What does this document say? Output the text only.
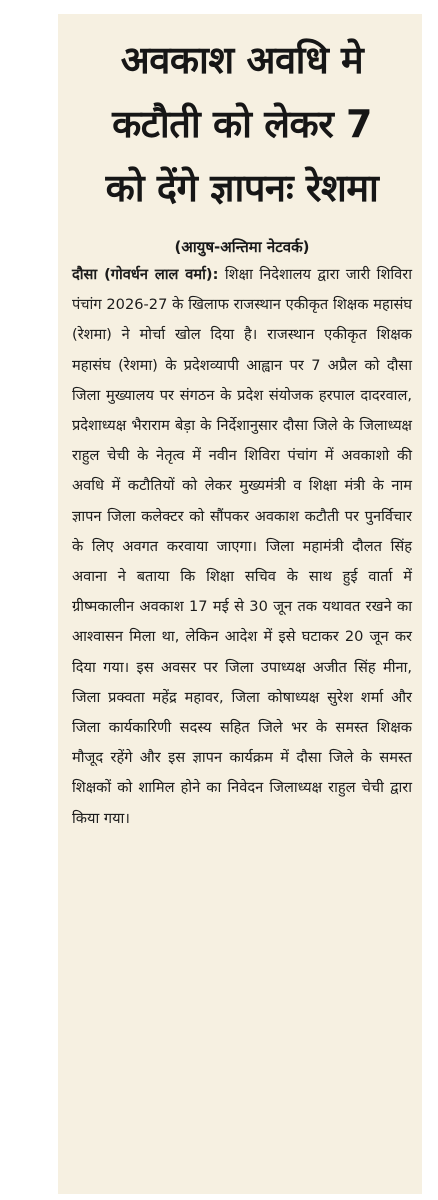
अवकाश अवधि मे
कटौती को लेकर 7
को देंगे ज्ञापनः रेशमा

(आयुष-अन्तिमा नेटवर्क)

दौसा (गोवर्धन लाल वर्मा): शिक्षा निदेशालय द्वारा जारी शिविरा पंचांग 2026-27 के खिलाफ राजस्थान एकीकृत शिक्षक महासंघ (रेशमा) ने मोर्चा खोल दिया है। राजस्थान एकीकृत शिक्षक महासंघ (रेशमा) के प्रदेशव्यापी आह्वान पर 7 अप्रैल को दौसा जिला मुख्यालय पर संगठन के प्रदेश संयोजक हरपाल दादरवाल, प्रदेशाध्यक्ष भैराराम बेड़ा के निर्देशानुसार दौसा जिले के जिलाध्यक्ष राहुल चेची के नेतृत्व में नवीन शिविरा पंचांग में अवकाशो की अवधि में कटौतियों को लेकर मुख्यमंत्री व शिक्षा मंत्री के नाम ज्ञापन जिला कलेक्टर को सौंपकर अवकाश कटौती पर पुनर्विचार के लिए अवगत करवाया जाएगा। जिला महामंत्री दौलत सिंह अवाना ने बताया कि शिक्षा सचिव के साथ हुई वार्ता में ग्रीष्मकालीन अवकाश 17 मई से 30 जून तक यथावत रखने का आश्वासन मिला था, लेकिन आदेश में इसे घटाकर 20 जून कर दिया गया। इस अवसर पर जिला उपाध्यक्ष अजीत सिंह मीना, जिला प्रक्वता महेंद्र महावर, जिला कोषाध्यक्ष सुरेश शर्मा और जिला कार्यकारिणी सदस्य सहित जिले भर के समस्त शिक्षक मौजूद रहेंगे और इस ज्ञापन कार्यक्रम में दौसा जिले के समस्त शिक्षकों को शामिल होने का निवेदन जिलाध्यक्ष राहुल चेची द्वारा किया गया।
